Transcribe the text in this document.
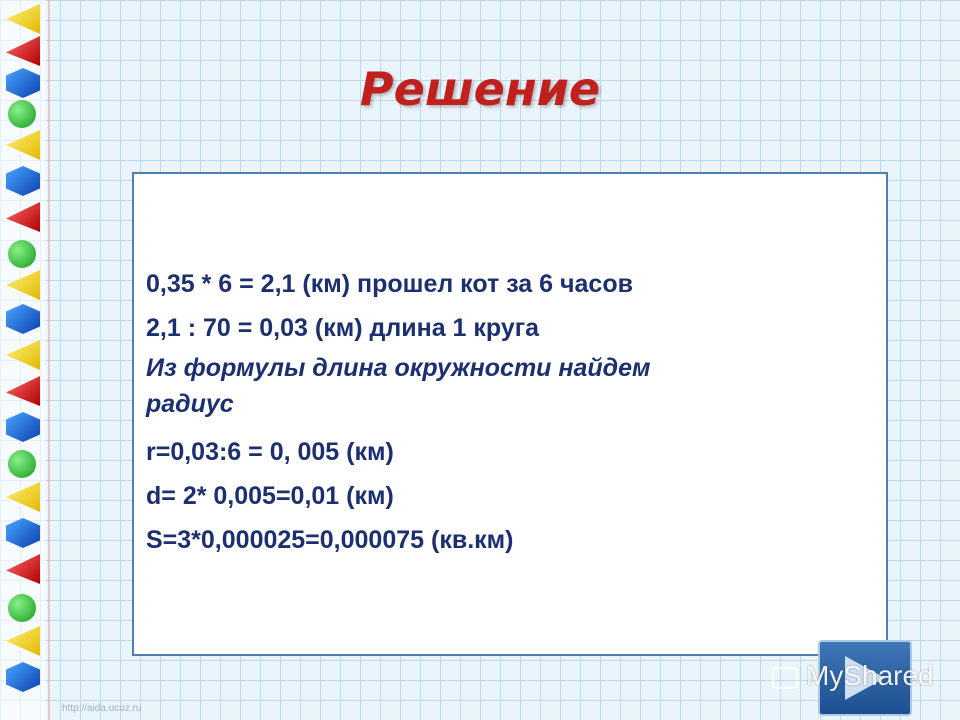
Решение
0,35 * 6 = 2,1 (км) прошел кот за 6 часов
2,1 : 70 = 0,03 (км) длина 1 круга
Из формулы длина окружности найдем
радиус
r=0,03:6 = 0, 005 (км)
d= 2* 0,005=0,01 (км)
S=3*0,000025=0,000075 (кв.км)
MyShared
http://aida.ucoz.ru
